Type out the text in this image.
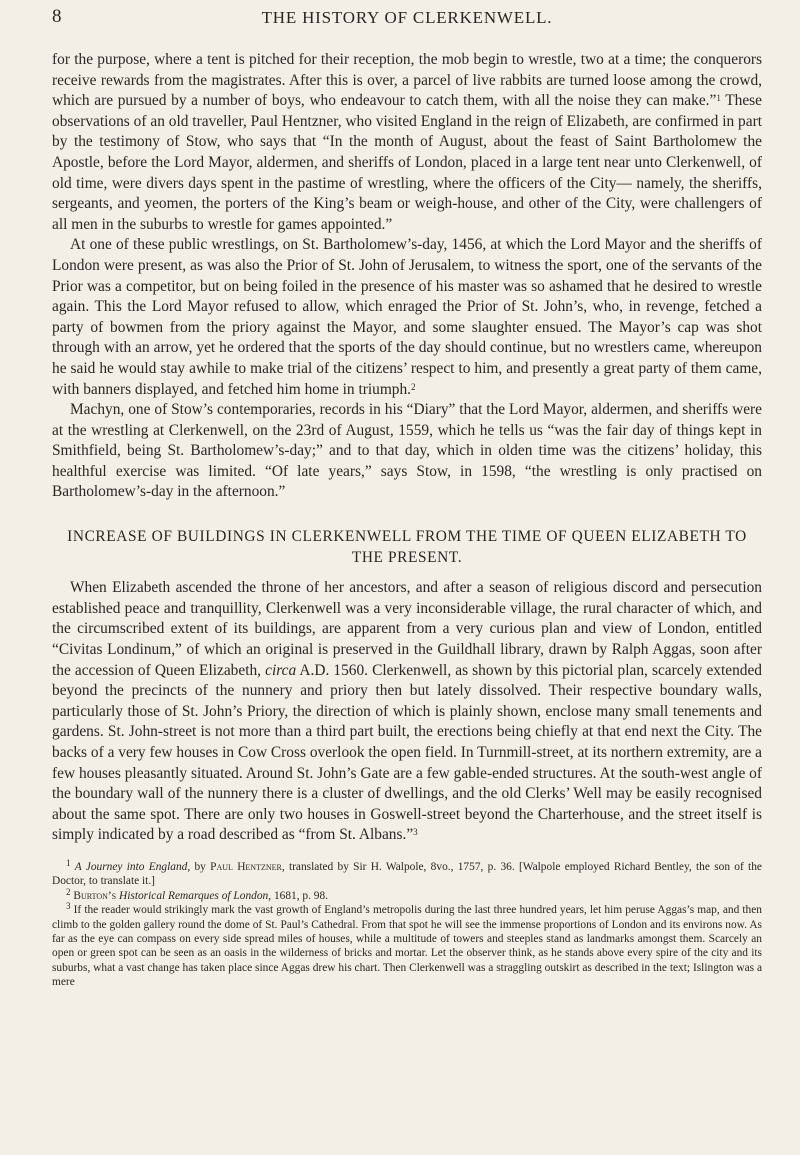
8	THE HISTORY OF CLERKENWELL.

for the purpose, where a tent is pitched for their reception, the mob begin to wrestle, two at a time; the conquerors receive rewards from the magistrates. After this is over, a parcel of live rabbits are turned loose among the crowd, which are pursued by a number of boys, who endeavour to catch them, with all the noise they can make.”$^1$ These observations of an old traveller, Paul Hentzner, who visited England in the reign of Elizabeth, are confirmed in part by the testimony of Stow, who says that “In the month of August, about the feast of Saint Bartholomew the Apostle, before the Lord Mayor, aldermen, and sheriffs of London, placed in a large tent near unto Clerkenwell, of old time, were divers days spent in the pastime of wrestling, where the officers of the City— namely, the sheriffs, sergeants, and yeomen, the porters of the King’s beam or weigh-house, and other of the City, were challengers of all men in the suburbs to wrestle for games appointed.”

At one of these public wrestlings, on St. Bartholomew’s-day, 1456, at which the Lord Mayor and the sheriffs of London were present, as was also the Prior of St. John of Jerusalem, to witness the sport, one of the servants of the Prior was a competitor, but on being foiled in the presence of his master was so ashamed that he desired to wrestle again. This the Lord Mayor refused to allow, which enraged the Prior of St. John’s, who, in revenge, fetched a party of bowmen from the priory against the Mayor, and some slaughter ensued. The Mayor’s cap was shot through with an arrow, yet he ordered that the sports of the day should continue, but no wrestlers came, whereupon he said he would stay awhile to make trial of the citizens’ respect to him, and presently a great party of them came, with banners displayed, and fetched him home in triumph.$^2$

Machyn, one of Stow’s contemporaries, records in his “Diary” that the Lord Mayor, aldermen, and sheriffs were at the wrestling at Clerkenwell, on the 23rd of August, 1559, which he tells us “was the fair day of things kept in Smithfield, being St. Bartholomew’s-day;” and to that day, which in olden time was the citizens’ holiday, this healthful exercise was limited. “Of late years,” says Stow, in 1598, “the wrestling is only practised on Bartholomew’s-day in the afternoon.”

INCREASE OF BUILDINGS IN CLERKENWELL FROM THE TIME OF QUEEN ELIZABETH TO THE PRESENT.

When Elizabeth ascended the throne of her ancestors, and after a season of religious discord and persecution established peace and tranquillity, Clerkenwell was a very inconsiderable village, the rural character of which, and the circumscribed extent of its buildings, are apparent from a very curious plan and view of London, entitled “Civitas Londinum,” of which an original is preserved in the Guildhall library, drawn by Ralph Aggas, soon after the accession of Queen Elizabeth, circa A.D. 1560. Clerkenwell, as shown by this pictorial plan, scarcely extended beyond the precincts of the nunnery and priory then but lately dissolved. Their respective boundary walls, particularly those of St. John’s Priory, the direction of which is plainly shown, enclose many small tenements and gardens. St. John-street is not more than a third part built, the erections being chiefly at that end next the City. The backs of a very few houses in Cow Cross overlook the open field. In Turnmill-street, at its northern extremity, are a few houses pleasantly situated. Around St. John’s Gate are a few gable-ended structures. At the south-west angle of the boundary wall of the nunnery there is a cluster of dwellings, and the old Clerks’ Well may be easily recognised about the same spot. There are only two houses in Goswell-street beyond the Charterhouse, and the street itself is simply indicated by a road described as “from St. Albans.”$^3$

$^1$ A Journey into England, by Paul Hentzner, translated by Sir H. Walpole, 8vo., 1757, p. 36. [Walpole employed Richard Bentley, the son of the Doctor, to translate it.]
$^2$ Burton’s Historical Remarques of London, 1681, p. 98.
$^3$ If the reader would strikingly mark the vast growth of England’s metropolis during the last three hundred years, let him peruse Aggas’s map, and then climb to the golden gallery round the dome of St. Paul’s Cathedral. From that spot he will see the immense proportions of London and its environs now. As far as the eye can compass on every side spread miles of houses, while a multitude of towers and steeples stand as landmarks amongst them. Scarcely an open or green spot can be seen as an oasis in the wilderness of bricks and mortar. Let the observer think, as he stands above every spire of the city and its suburbs, what a vast change has taken place since Aggas drew his chart. Then Clerkenwell was a straggling outskirt as described in the text; Islington was a mere
